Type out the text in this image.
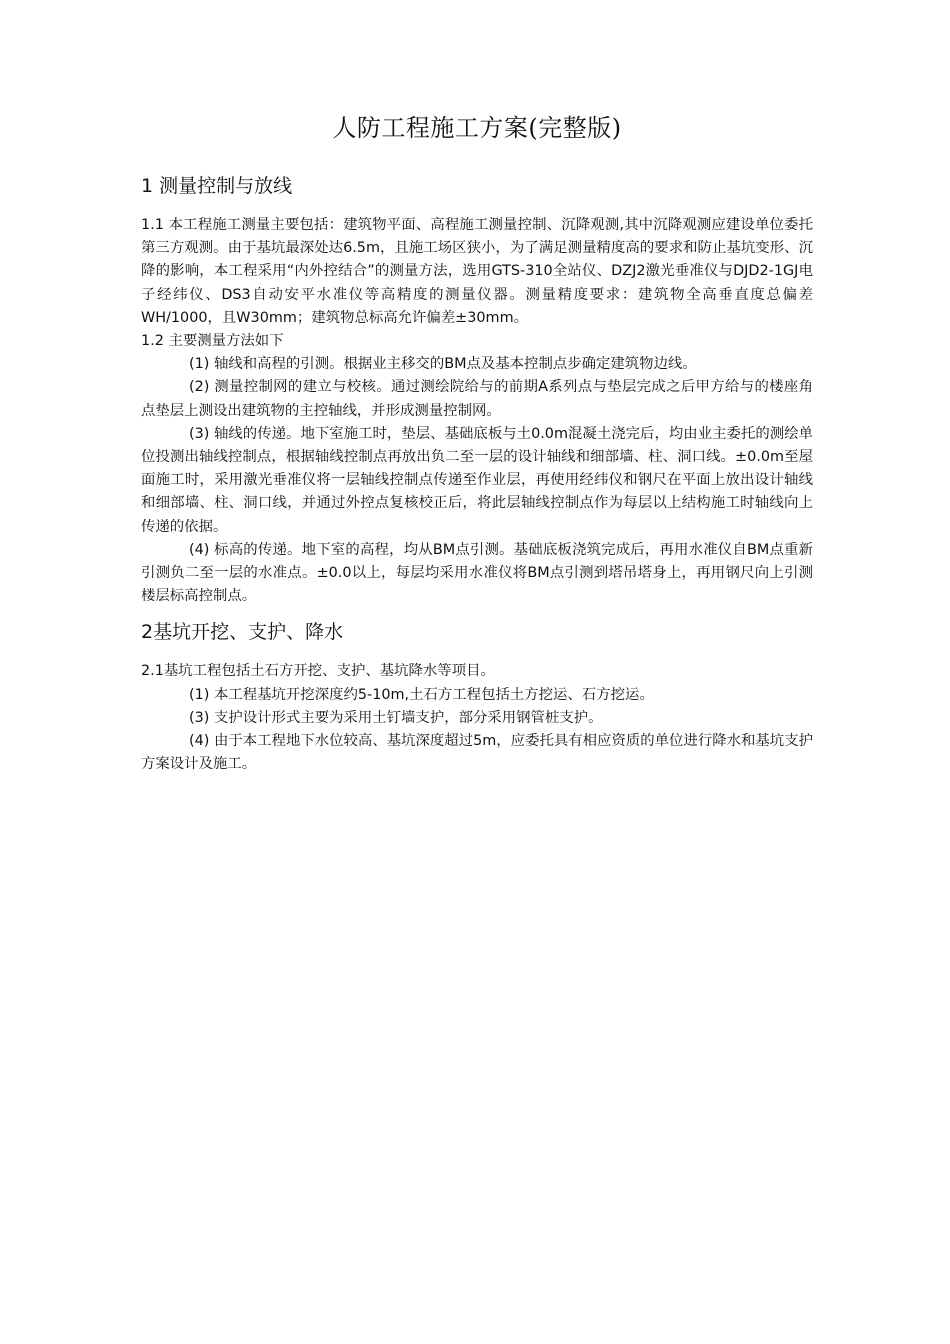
人防工程施工方案(完整版)
1 测量控制与放线

1.1 本工程施工测量主要包括：建筑物平面、高程施工测量控制、沉降观测,其中沉降观测应建设单位委托第三方观测。由于基坑最深处达6.5m，且施工场区狭小，为了满足测量精度高的要求和防止基坑变形、沉降的影响，本工程采用“内外控结合”的测量方法，选用GTS-310全站仪、DZJ2激光垂准仪与DJD2-1GJ电子经纬仪、DS3自动安平水准仪等高精度的测量仪器。测量精度要求：建筑物全高垂直度总偏差WH/1000，且W30mm；建筑物总标高允许偏差±30mm。

1.2 主要测量方法如下

(1) 轴线和高程的引测。根据业主移交的BM点及基本控制点步确定建筑物边线。

(2) 测量控制网的建立与校核。通过测绘院给与的前期A系列点与垫层完成之后甲方给与的楼座角点垫层上测设出建筑物的主控轴线，并形成测量控制网。

(3) 轴线的传递。地下室施工时，垫层、基础底板与土0.0m混凝土浇完后，均由业主委托的测绘单位投测出轴线控制点，根据轴线控制点再放出负二至一层的设计轴线和细部墙、柱、洞口线。±0.0m至屋面施工时，采用激光垂准仪将一层轴线控制点传递至作业层，再使用经纬仪和钢尺在平面上放出设计轴线和细部墙、柱、洞口线，并通过外控点复核校正后，将此层轴线控制点作为每层以上结构施工时轴线向上传递的依据。

(4) 标高的传递。地下室的高程，均从BM点引测。基础底板浇筑完成后，再用水准仪自BM点重新引测负二至一层的水准点。±0.0以上，每层均采用水准仪将BM点引测到塔吊塔身上，再用钢尺向上引测楼层标高控制点。

2基坑开挖、支护、降水

2.1基坑工程包括土石方开挖、支护、基坑降水等项目。

(1) 本工程基坑开挖深度约5-10m,土石方工程包括土方挖运、石方挖运。

(3) 支护设计形式主要为采用土钉墙支护，部分采用钢管桩支护。

(4) 由于本工程地下水位较高、基坑深度超过5m，应委托具有相应资质的单位进行降水和基坑支护方案设计及施工。
